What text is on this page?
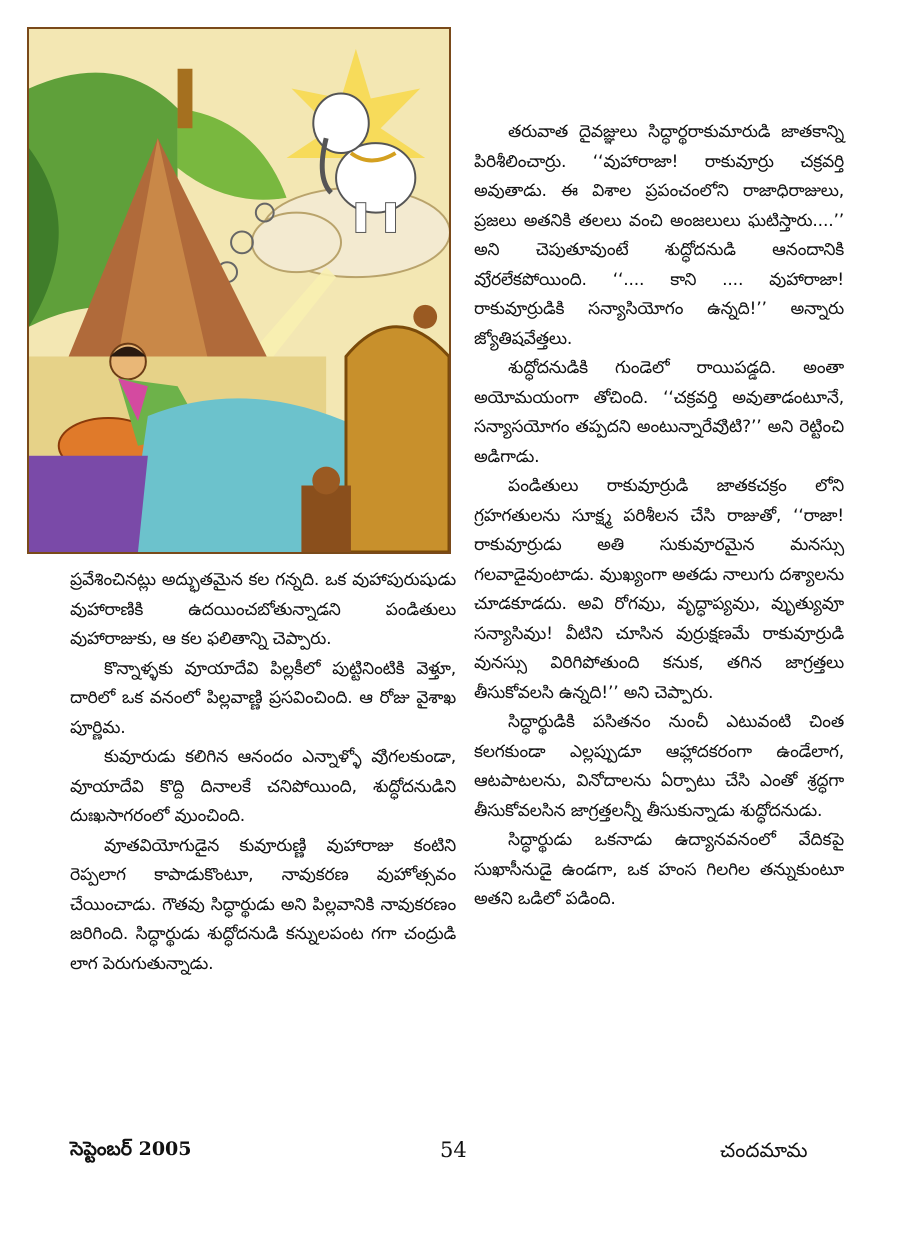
తరువాత దైవజ్ఞులు సిద్ధార్థరాకుమారుడి జాతకాన్ని పిరిశీలించార్రు. ‘‘వుహారాజా! రాకువూర్రు చక్రవర్తి అవుతాడు. ఈ విశాల ప్రపంచంలోని రాజాధిరాజులు, ప్రజలు అతనికి తలలు వంచి అంజలులు ఘటిస్తారు....’’ అని చెపుతూవుంటే శుద్ధోదనుడి ఆనందానికి వుేరలేకపోయింది. ‘‘.... కాని .... వుహారాజా! రాకువూర్రుడికి సన్యాసియోగం ఉన్నది!’’ అన్నారు జ్యోతిషవేత్తలు.

శుద్ధోదనుడికి గుండెలో రాయిపడ్డది. అంతా అయోమయంగా తోచింది. ‘‘చక్రవర్తి అవుతాడంటూనే, సన్యాసయోగం తప్పదని అంటున్నారేవుిటి?’’ అని రెట్టించి అడిగాడు.

పండితులు రాకువూర్రుడి జాతకచక్రం లోని గ్రహగతులను సూక్ష్మ పరిశీలన చేసి రాజుతో, ‘‘రాజా! రాకువూర్రుడు అతి సుకువూరమైన మనస్సు గలవాడైవుంటాడు. వుుఖ్యంగా అతడు నాలుగు దశ్యాలను చూడకూడదు. అవి రోగవుు, వృద్ధాప్యవుు, వుృత్యువూ సన్యాసివుు! వీటిని చూసిన వుర్రుక్షణవేు రాకువూర్రుడి వునస్సు విరిగిపోతుంది కనుక, తగిన జాగ్రత్తలు తీసుకోవలసి ఉన్నది!’’ అని చెప్పారు.

సిద్ధార్థుడికి పసితనం నుంచీ ఎటువంటి చింత కలగకుండా ఎల్లప్పుడూ ఆహ్లాదకరంగా ఉండేలాగ, ఆటపాటలను, వినోదాలను ఏర్పాటు చేసి ఎంతో శ్రద్ధగా తీసుకోవలసిన జాగ్రత్తలన్నీ తీసుకున్నాడు శుద్ధోదనుడు.

సిద్ధార్థుడు ఒకనాడు ఉద్యానవనంలో వేదికపై సుఖాసీనుడై ఉండగా, ఒక హంస గిలగిల తన్నుకుంటూ అతని ఒడిలో పడింది.

ప్రవేశించినట్లు అద్భుతమైన కల గన్నది. ఒక వుహాపురుషుడు వుహారాణికి ఉదయించబోతున్నాడని పండితులు వుహారాజుకు, ఆ కల ఫలితాన్ని చెప్పారు.

కొన్నాళ్ళకు వూయాదేవి పిల్లకీలో పుట్టినింటికి వెళ్తూ, దారిలో ఒక వనంలో పిల్లవాణ్ణి ప్రసవించింది. ఆ రోజు వైశాఖ పూర్ణిమ.

కువూరుడు కలిగిన ఆనందం ఎన్నాళ్ళో వుిగలకుండా, వూయాదేవి కొద్ది దినాలకే చనిపోయింది, శుద్ధోదనుడిని దుఃఖసాగరంలో వుుంచింది.

వూతవియోగుడైన కువూరుణ్ణి వుహారాజు కంటిని రెప్పలాగ కాపాడుకొంటూ, నావుకరణ వుహోత్సవం చేయించాడు. గౌతవు సిద్ధార్థుడు అని పిల్లవానికి నావుకరణం జరిగింది. సిద్ధార్థుడు శుద్ధోదనుడి కన్నులపంట గగా చంద్రుడి లాగ పెరుగుతున్నాడు.

సెప్టెంబర్ 2005	54	చందమామ
